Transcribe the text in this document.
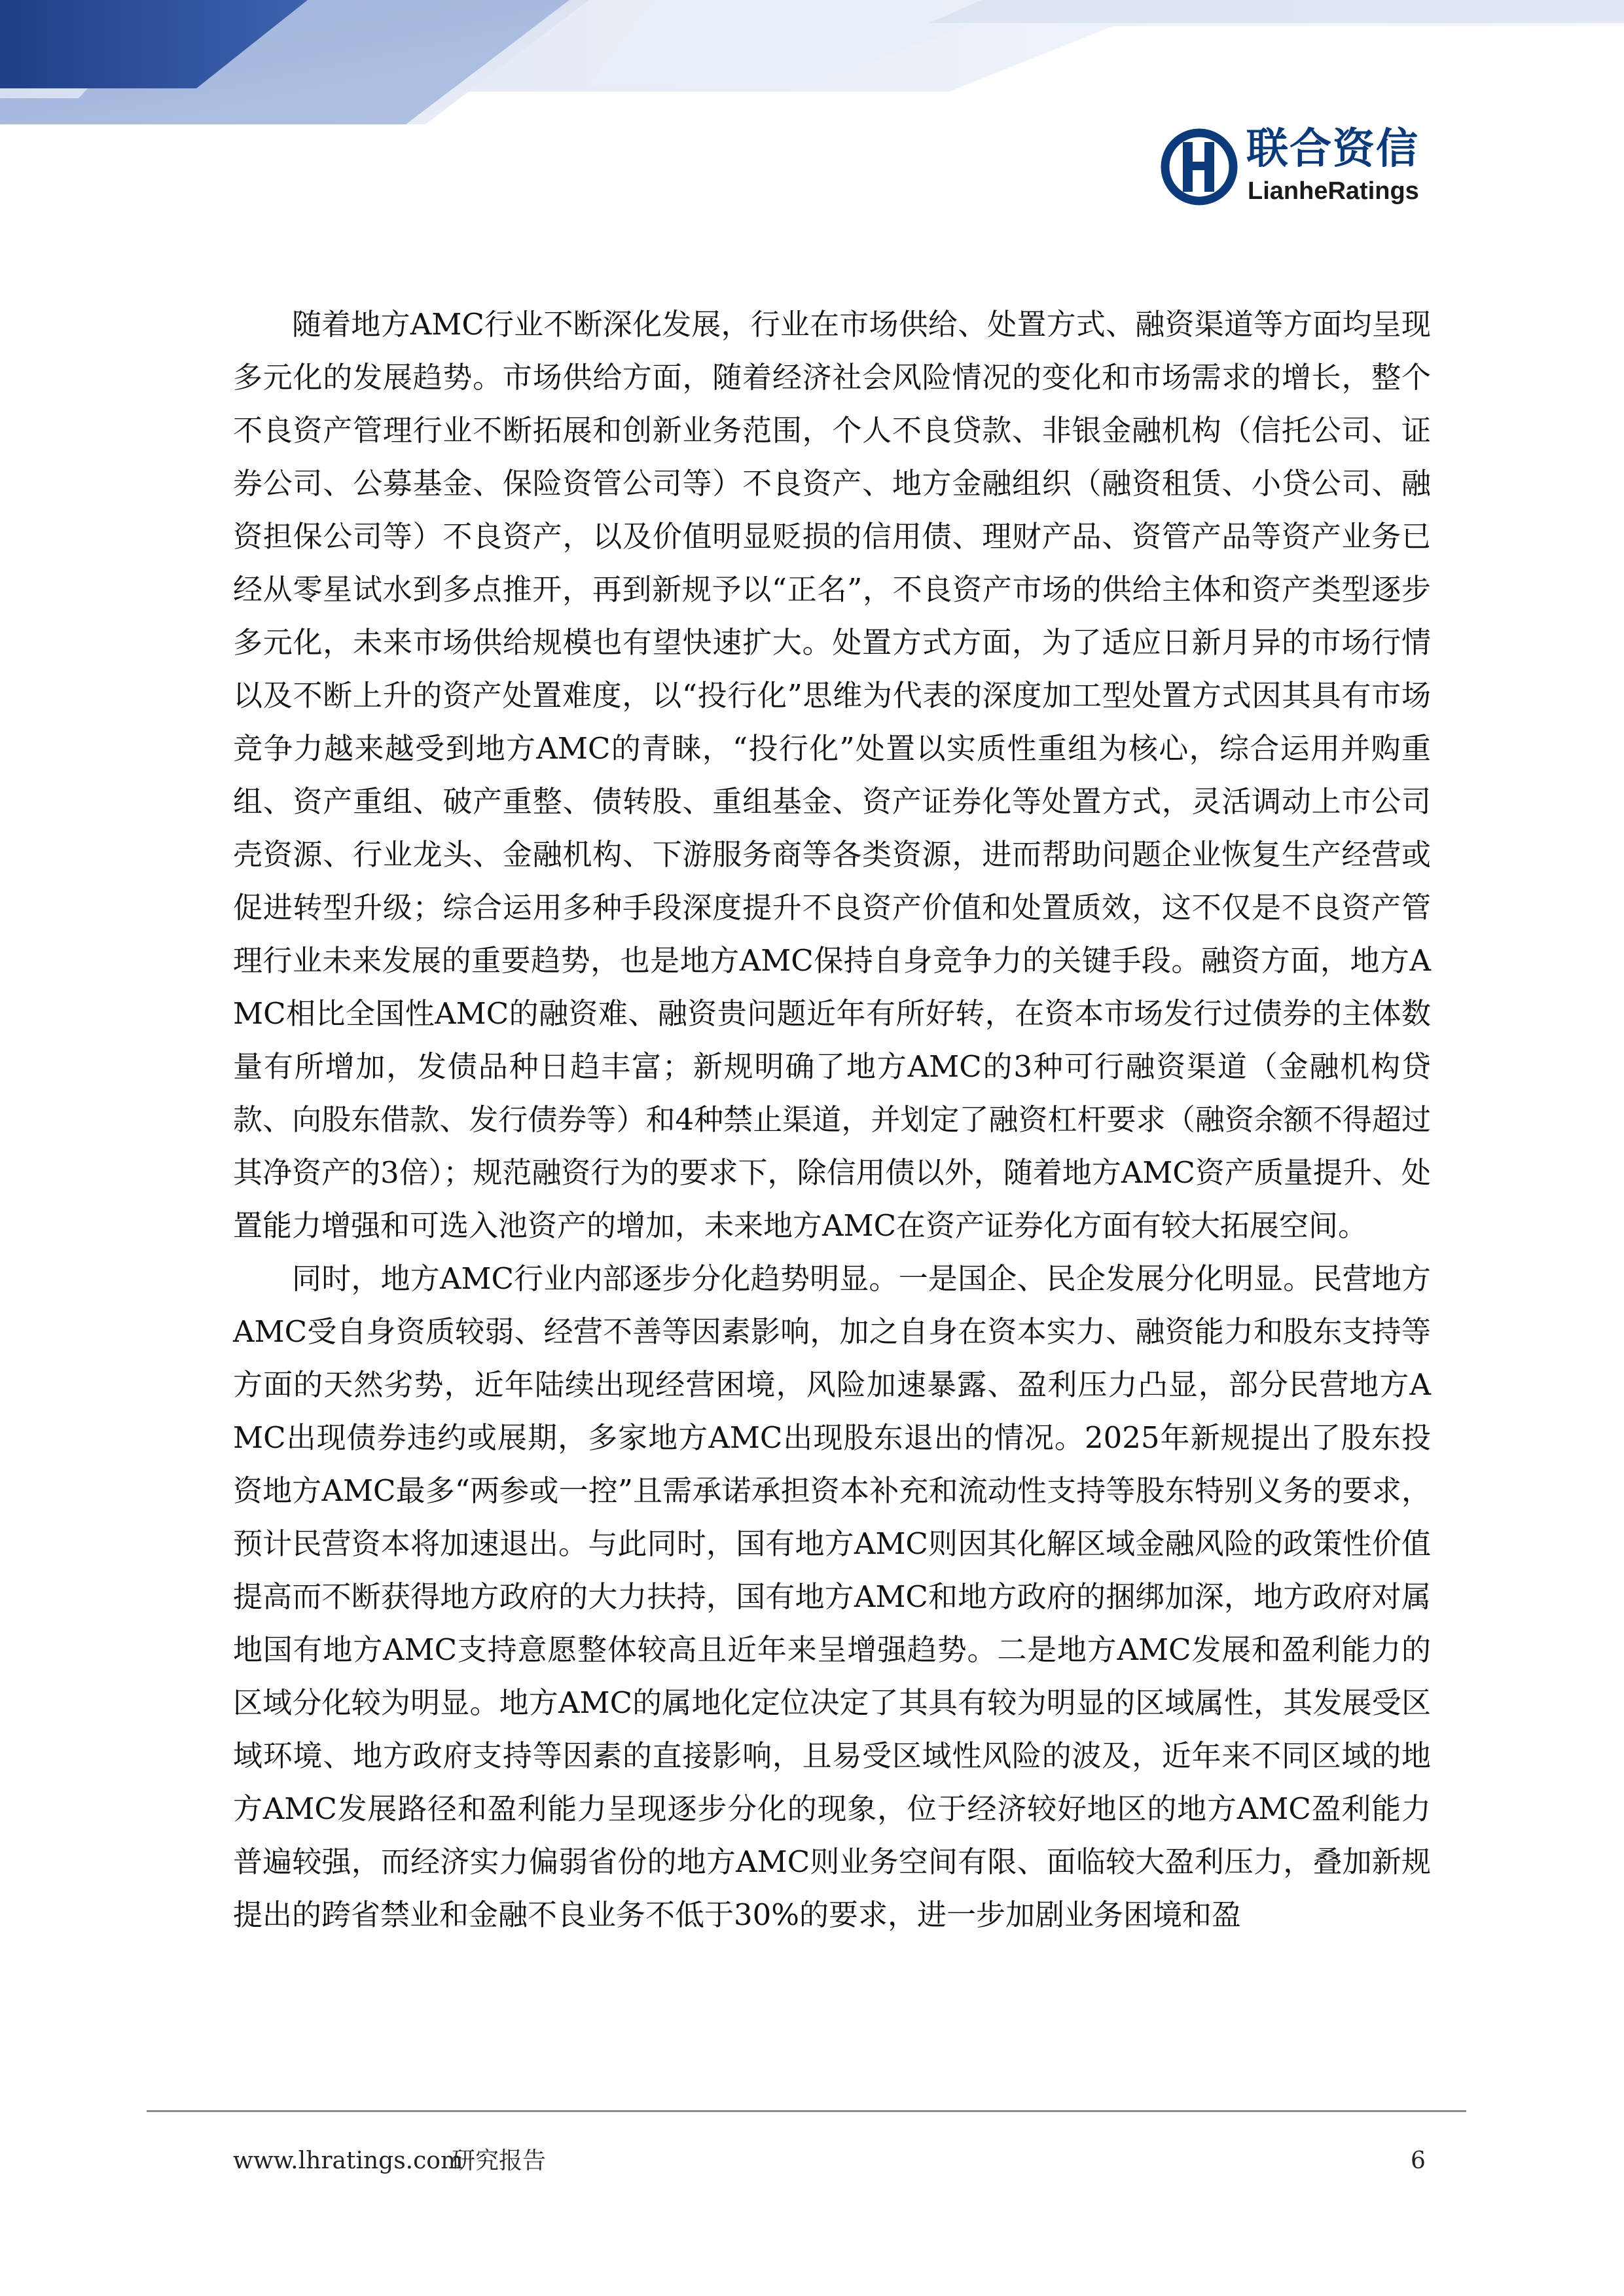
联合资信
LianheRatings

随着地方AMC行业不断深化发展，行业在市场供给、处置方式、融资渠道等方面均呈现多元化的发展趋势。市场供给方面，随着经济社会风险情况的变化和市场需求的增长，整个不良资产管理行业不断拓展和创新业务范围，个人不良贷款、非银金融机构（信托公司、证券公司、公募基金、保险资管公司等）不良资产、地方金融组织（融资租赁、小贷公司、融资担保公司等）不良资产，以及价值明显贬损的信用债、理财产品、资管产品等资产业务已经从零星试水到多点推开，再到新规予以“正名”，不良资产市场的供给主体和资产类型逐步多元化，未来市场供给规模也有望快速扩大。处置方式方面，为了适应日新月异的市场行情以及不断上升的资产处置难度，以“投行化”思维为代表的深度加工型处置方式因其具有市场竞争力越来越受到地方AMC的青睐，“投行化”处置以实质性重组为核心，综合运用并购重组、资产重组、破产重整、债转股、重组基金、资产证券化等处置方式，灵活调动上市公司壳资源、行业龙头、金融机构、下游服务商等各类资源，进而帮助问题企业恢复生产经营或促进转型升级；综合运用多种手段深度提升不良资产价值和处置质效，这不仅是不良资产管理行业未来发展的重要趋势，也是地方AMC保持自身竞争力的关键手段。融资方面，地方AMC相比全国性AMC的融资难、融资贵问题近年有所好转，在资本市场发行过债券的主体数量有所增加，发债品种日趋丰富；新规明确了地方AMC的3种可行融资渠道（金融机构贷款、向股东借款、发行债券等）和4种禁止渠道，并划定了融资杠杆要求（融资余额不得超过其净资产的3倍）；规范融资行为的要求下，除信用债以外，随着地方AMC资产质量提升、处置能力增强和可选入池资产的增加，未来地方AMC在资产证券化方面有较大拓展空间。

同时，地方AMC行业内部逐步分化趋势明显。一是国企、民企发展分化明显。民营地方AMC受自身资质较弱、经营不善等因素影响，加之自身在资本实力、融资能力和股东支持等方面的天然劣势，近年陆续出现经营困境，风险加速暴露、盈利压力凸显，部分民营地方AMC出现债券违约或展期，多家地方AMC出现股东退出的情况。2025年新规提出了股东投资地方AMC最多“两参或一控”且需承诺承担资本补充和流动性支持等股东特别义务的要求，预计民营资本将加速退出。与此同时，国有地方AMC则因其化解区域金融风险的政策性价值提高而不断获得地方政府的大力扶持，国有地方AMC和地方政府的捆绑加深，地方政府对属地国有地方AMC支持意愿整体较高且近年来呈增强趋势。二是地方AMC发展和盈利能力的区域分化较为明显。地方AMC的属地化定位决定了其具有较为明显的区域属性，其发展受区域环境、地方政府支持等因素的直接影响，且易受区域性风险的波及，近年来不同区域的地方AMC发展路径和盈利能力呈现逐步分化的现象，位于经济较好地区的地方AMC盈利能力普遍较强，而经济实力偏弱省份的地方AMC则业务空间有限、面临较大盈利压力，叠加新规提出的跨省禁业和金融不良业务不低于30%的要求，进一步加剧业务困境和盈

www.lhratings.com
研究报告	6
